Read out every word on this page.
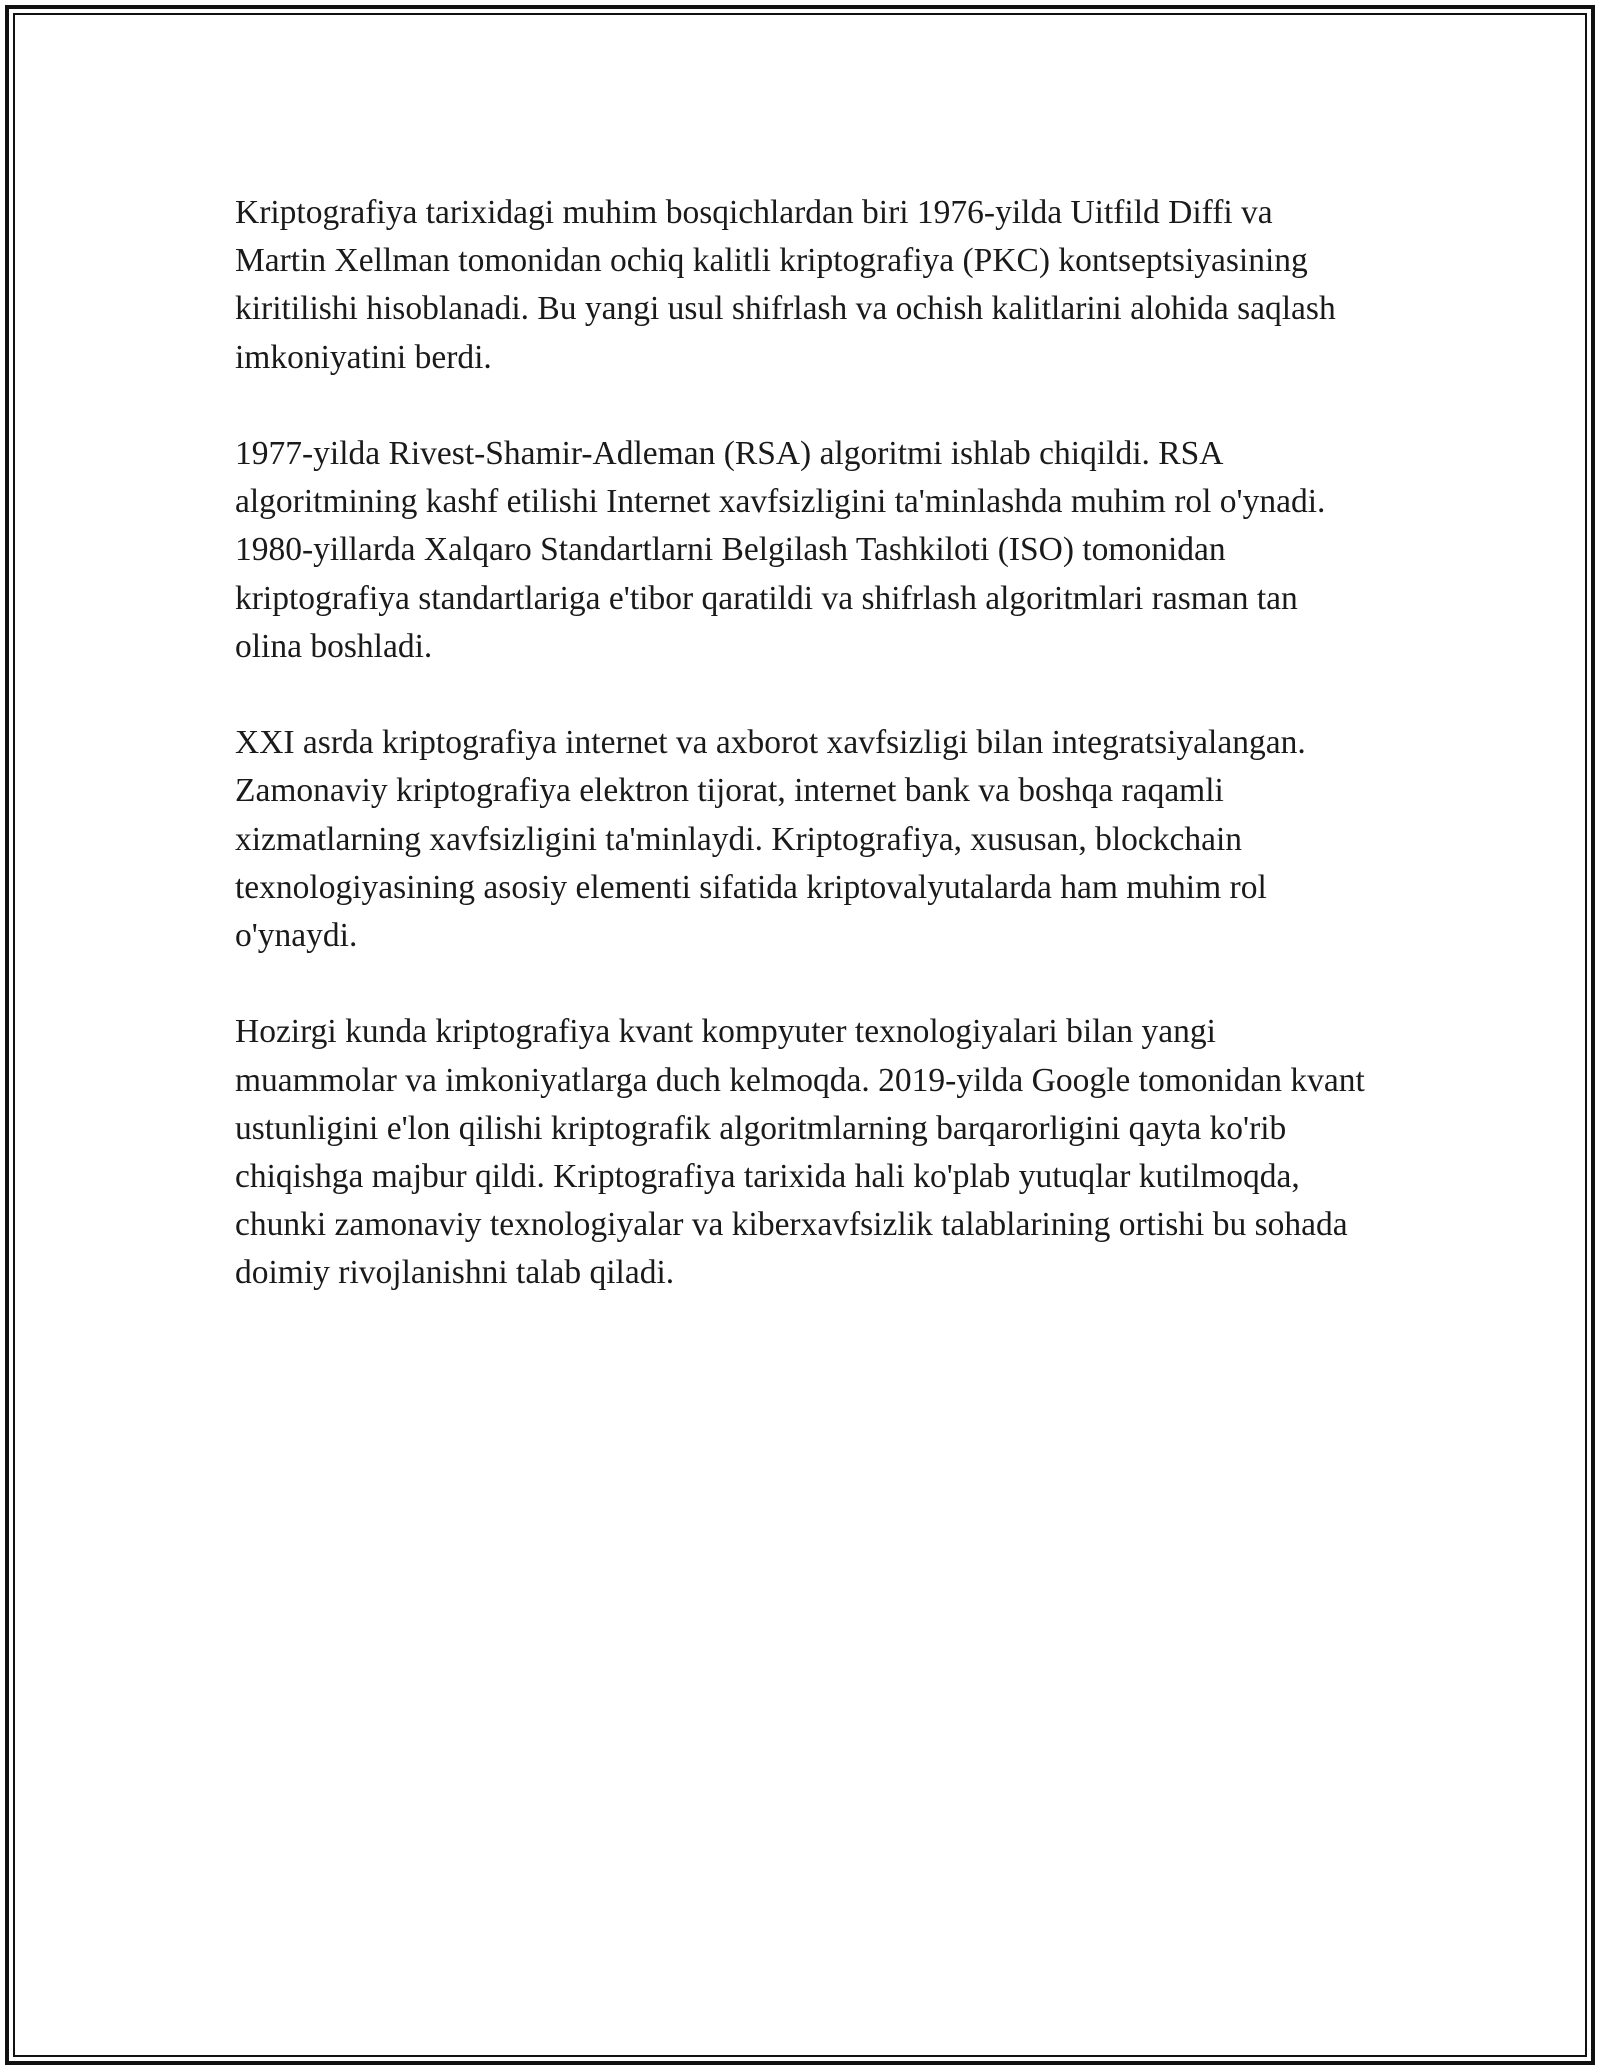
Kriptografiya tarixidagi muhim bosqichlardan biri 1976-yilda Uitfild Diffi va Martin Xellman tomonidan ochiq kalitli kriptografiya (PKC) kontseptsiyasining kiritilishi hisoblanadi. Bu yangi usul shifrlash va ochish kalitlarini alohida saqlash imkoniyatini berdi.

1977-yilda Rivest-Shamir-Adleman (RSA) algoritmi ishlab chiqildi. RSA algoritmining kashf etilishi Internet xavfsizligini ta'minlashda muhim rol o'ynadi. 1980-yillarda Xalqaro Standartlarni Belgilash Tashkiloti (ISO) tomonidan kriptografiya standartlariga e'tibor qaratildi va shifrlash algoritmlari rasman tan olina boshladi.

XXI asrda kriptografiya internet va axborot xavfsizligi bilan integratsiyalangan. Zamonaviy kriptografiya elektron tijorat, internet bank va boshqa raqamli xizmatlarning xavfsizligini ta'minlaydi. Kriptografiya, xususan, blockchain texnologiyasining asosiy elementi sifatida kriptovalyutalarda ham muhim rol o'ynaydi.

Hozirgi kunda kriptografiya kvant kompyuter texnologiyalari bilan yangi muammolar va imkoniyatlarga duch kelmoqda. 2019-yilda Google tomonidan kvant ustunligini e'lon qilishi kriptografik algoritmlarning barqarorligini qayta ko'rib chiqishga majbur qildi. Kriptografiya tarixida hali ko'plab yutuqlar kutilmoqda, chunki zamonaviy texnologiyalar va kiberxavfsizlik talablarining ortishi bu sohada doimiy rivojlanishni talab qiladi.
